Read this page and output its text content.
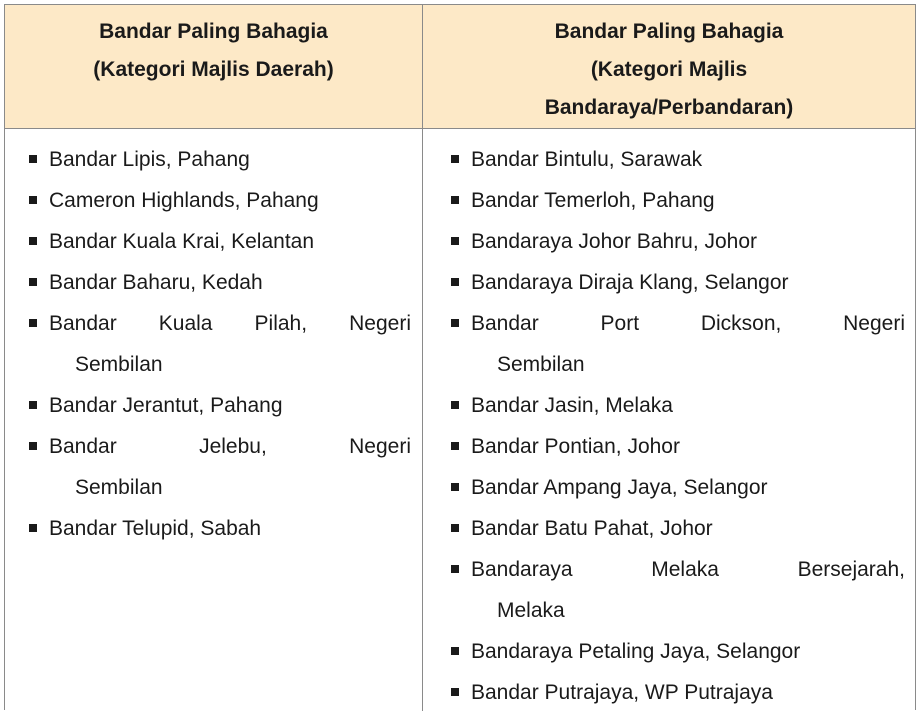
Bandar Paling Bahagia
(Kategori Majlis Daerah)
Bandar Paling Bahagia
(Kategori Majlis
Bandaraya/Perbandaran)
Bandar Lipis, Pahang
Cameron Highlands, Pahang
Bandar Kuala Krai, Kelantan
Bandar Baharu, Kedah
Bandar Kuala Pilah, Negeri
Sembilan
Bandar Jerantut, Pahang
Bandar Jelebu, Negeri
Sembilan
Bandar Telupid, Sabah
Bandar Bintulu, Sarawak
Bandar Temerloh, Pahang
Bandaraya Johor Bahru, Johor
Bandaraya Diraja Klang, Selangor
Bandar Port Dickson, Negeri
Sembilan
Bandar Jasin, Melaka
Bandar Pontian, Johor
Bandar Ampang Jaya, Selangor
Bandar Batu Pahat, Johor
Bandaraya Melaka Bersejarah,
Melaka
Bandaraya Petaling Jaya, Selangor
Bandar Putrajaya, WP Putrajaya
